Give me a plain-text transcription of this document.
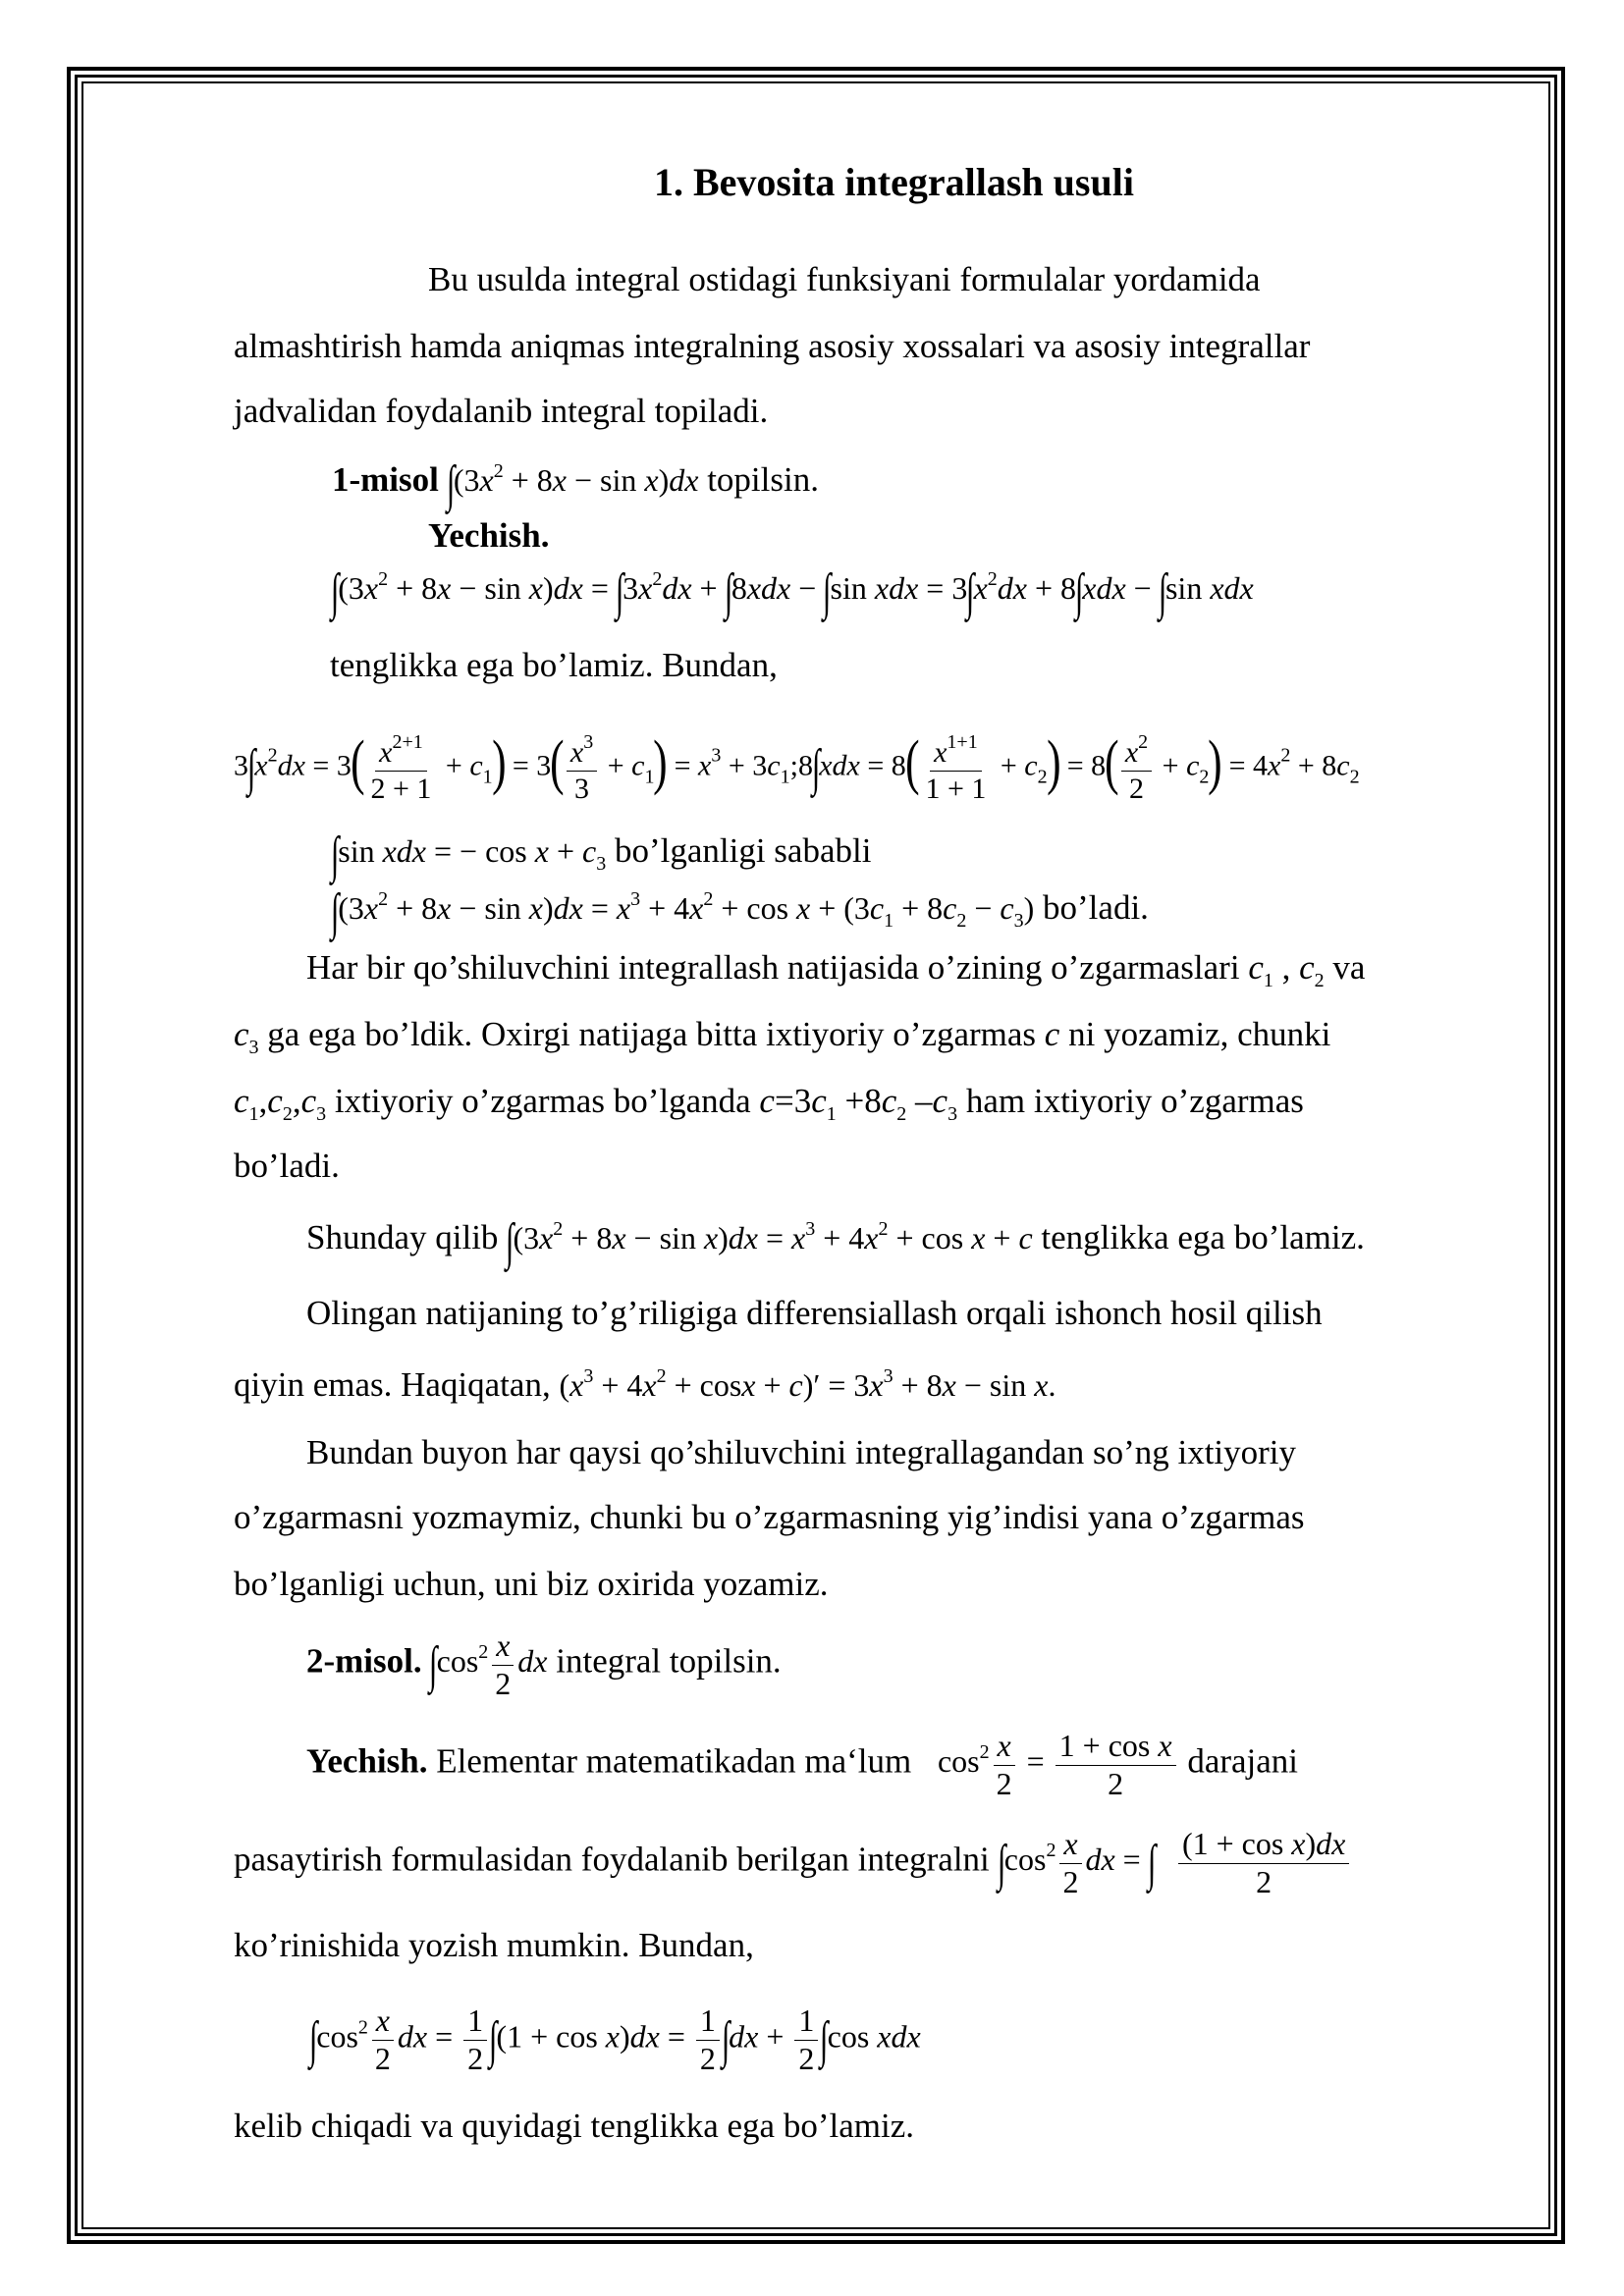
1. Bevosita integrallash usuli
Bu usulda integral ostidagi funksiyani formulalar yordamida
almashtirish hamda aniqmas integralning asosiy xossalari va asosiy integrallar
jadvalidan foydalanib integral topiladi.
1-misol $\int(3x^2 + 8x - \sin x)dx$ topilsin.
Yechish.
$\int(3x^2 + 8x - \sin x)dx = \int 3x^2dx + \int 8xdx - \int\sin$ xdx = $3\int x^2dx + 8\int xdx - \int\sin$ xdx
tenglikka ega bo’lamiz. Bundan,
$3\int x^2dx = 3( \frac{x^{2+1}}{2 + 1} + c_1) = 3( \frac{x^3}{3} + c_1) = x^3$ + $3c_1;8\int xdx = 8( \frac{x^{1+1}}{1 + 1} + c_2) = 8( \frac{x^2}{2} + c_2) = 4x^2 + 8c_2$
∫sin xdx = − $\cos x + c_3$ bo’lganligi sababli
$\int(3x^2 + 8x - \sin x)dx = x^3 + 4x^2 + \cos x + (3c_1 + 8c_2 - c_3)$ bo’ladi.
Har bir qo’shiluvchini integrallash natijasida o’zining o’zgarmaslari $c_1$ , $c_2$ va
$c_3$ ga ega bo’ldik. Oxirgi natijaga bitta ixtiyoriy o’zgarmas c ni yozamiz, chunki
$c_1,c_2,c_3$ ixtiyoriy o’zgarmas bo’lganda $c=3c_1 +8c_2$ $-c_3$ ham ixtiyoriy o’zgarmas
bo’ladi.
Shunday qilib $\int(3x^2 + 8x - \sin x)dx = x^3 + 4x^2 + \cos x + c$ tenglikka ega bo’lamiz.
Olingan natijaning to’g’riligiga differensiallash orqali ishonch hosil qilish
qiyin emas. Haqiqatan, $(x^3 + 4x^2 + \cos x + c)' = 3x^3 + 8x - \sin x$.
Bundan buyon har qaysi qo’shiluvchini integrallagandan so’ng ixtiyoriy
o’zgarmasni yozmaymiz, chunki bu o’zgarmasning yig’indisi yana o’zgarmas
bo’lganligi uchun, uni biz oxirida yozamiz.
2-misol. $\int\cos^2 \frac{x}{2}$ dx integral topilsin.
Yechish. Elementar matematikadan ma‘lum $\cos^2 \frac{x}{2} = \frac{\text{1 + cos x}}{2}$ darajani
pasaytirish formulasidan foydalanib berilgan integralni $\int\cos^2 \frac{x}{2}$ dx = ∫ $\frac{\text{(1 + cos x)dx}}{2}$
ko’rinishida yozish mumkin. Bundan,
$\int\cos^2 \frac{x}{2}$ dx = $\frac{1}{2} \int(1 + \cos x)dx = \frac{1}{2} \int dx + \frac{1}{2} \int\cos$ xdx
kelib chiqadi va quyidagi tenglikka ega bo’lamiz.
